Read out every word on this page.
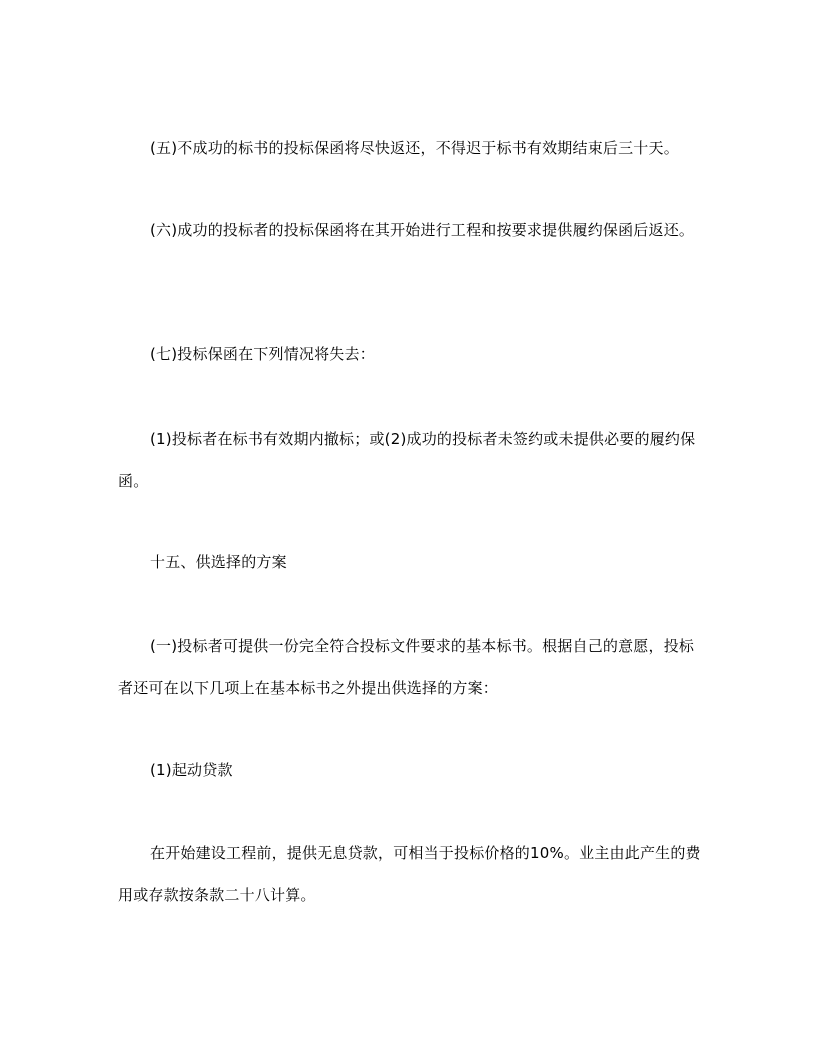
(五)不成功的标书的投标保函将尽快返还，不得迟于标书有效期结束后三十天。

(六)成功的投标者的投标保函将在其开始进行工程和按要求提供履约保函后返还。

(七)投标保函在下列情况将失去：

(1)投标者在标书有效期内撤标；或(2)成功的投标者未签约或未提供必要的履约保函。

十五、供选择的方案

(一)投标者可提供一份完全符合投标文件要求的基本标书。根据自己的意愿，投标者还可在以下几项上在基本标书之外提出供选择的方案：

(1)起动贷款

在开始建设工程前，提供无息贷款，可相当于投标价格的10%。业主由此产生的费用或存款按条款二十八计算。
